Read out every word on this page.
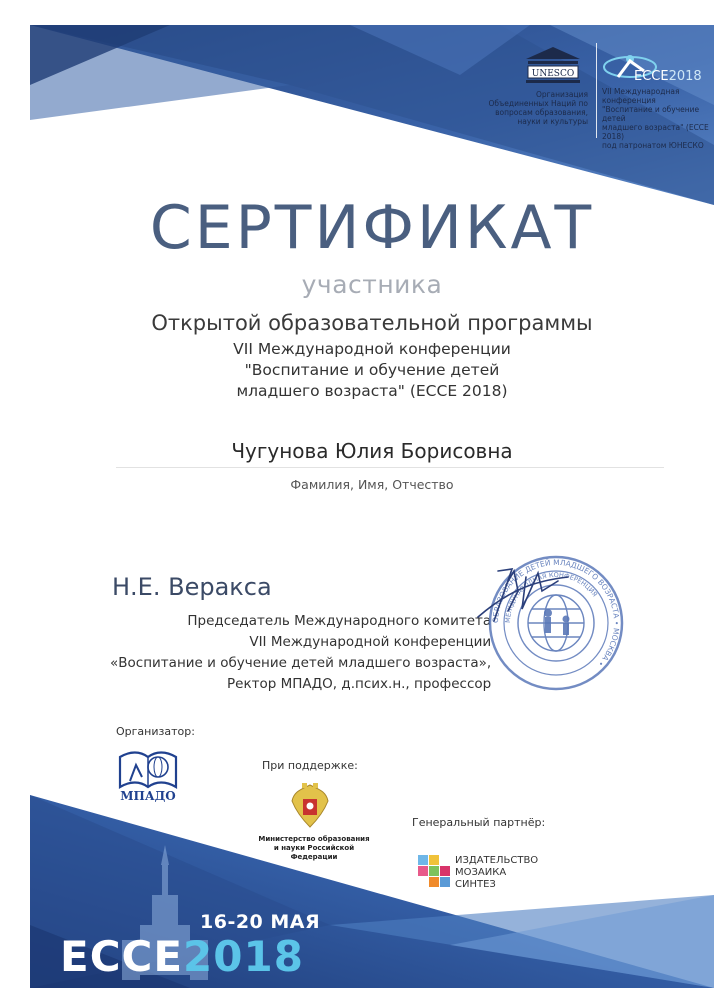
UNESCO
Организация
Объединенных Наций по
вопросам образования,
науки и культуры
ECCE2018
VII Международная конференция
"Воспитание и обучение детей
младшего возраста" (ECCE 2018)
под патронатом ЮНЕСКО
СЕРТИФИКАТ
участника
Открытой образовательной программы
VII Международной конференции
"Воспитание и обучение детей
младшего возраста" (ECCE 2018)
Чугунова Юлия Борисовна
Фамилия, Имя, Отчество
Н.Е. Веракса
Председатель Международного комитета
VII Международной конференции
«Воспитание и обучение детей младшего возраста»,
Ректор МПАДО, д.псих.н., профессор
ОБРАЗОВАНИЕ ДЕТЕЙ МЛАДШЕГО ВОЗРАСТА • МОСКВА •
МЕЖДУНАРОДНАЯ КОНФЕРЕНЦИЯ
Организатор:
МПАДО
При поддержке:
Министерство образования
и науки Российской Федерации
Генеральный партнёр:
ИЗДАТЕЛЬСТВО
МОЗАИКА
СИНТЕЗ
16-20 МАЯ
ECCE2018
